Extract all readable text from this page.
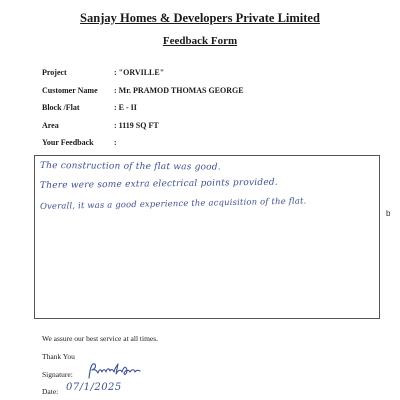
Sanjay Homes & Developers Private Limited
Feedback Form
Project	: "ORVILLE"
Customer Name : Mr. PRAMOD THOMAS GEORGE
Block /Flat	: E - II
Area	: 1119 SQ FT
Your Feedback	:
The construction of the flat was good.
There were some extra electrical points provided.
Overall, it was a good experience the acquisition of the flat.
b
We assure our best service at all times.
Thank You
Signature:
Date: 07/1/2025
